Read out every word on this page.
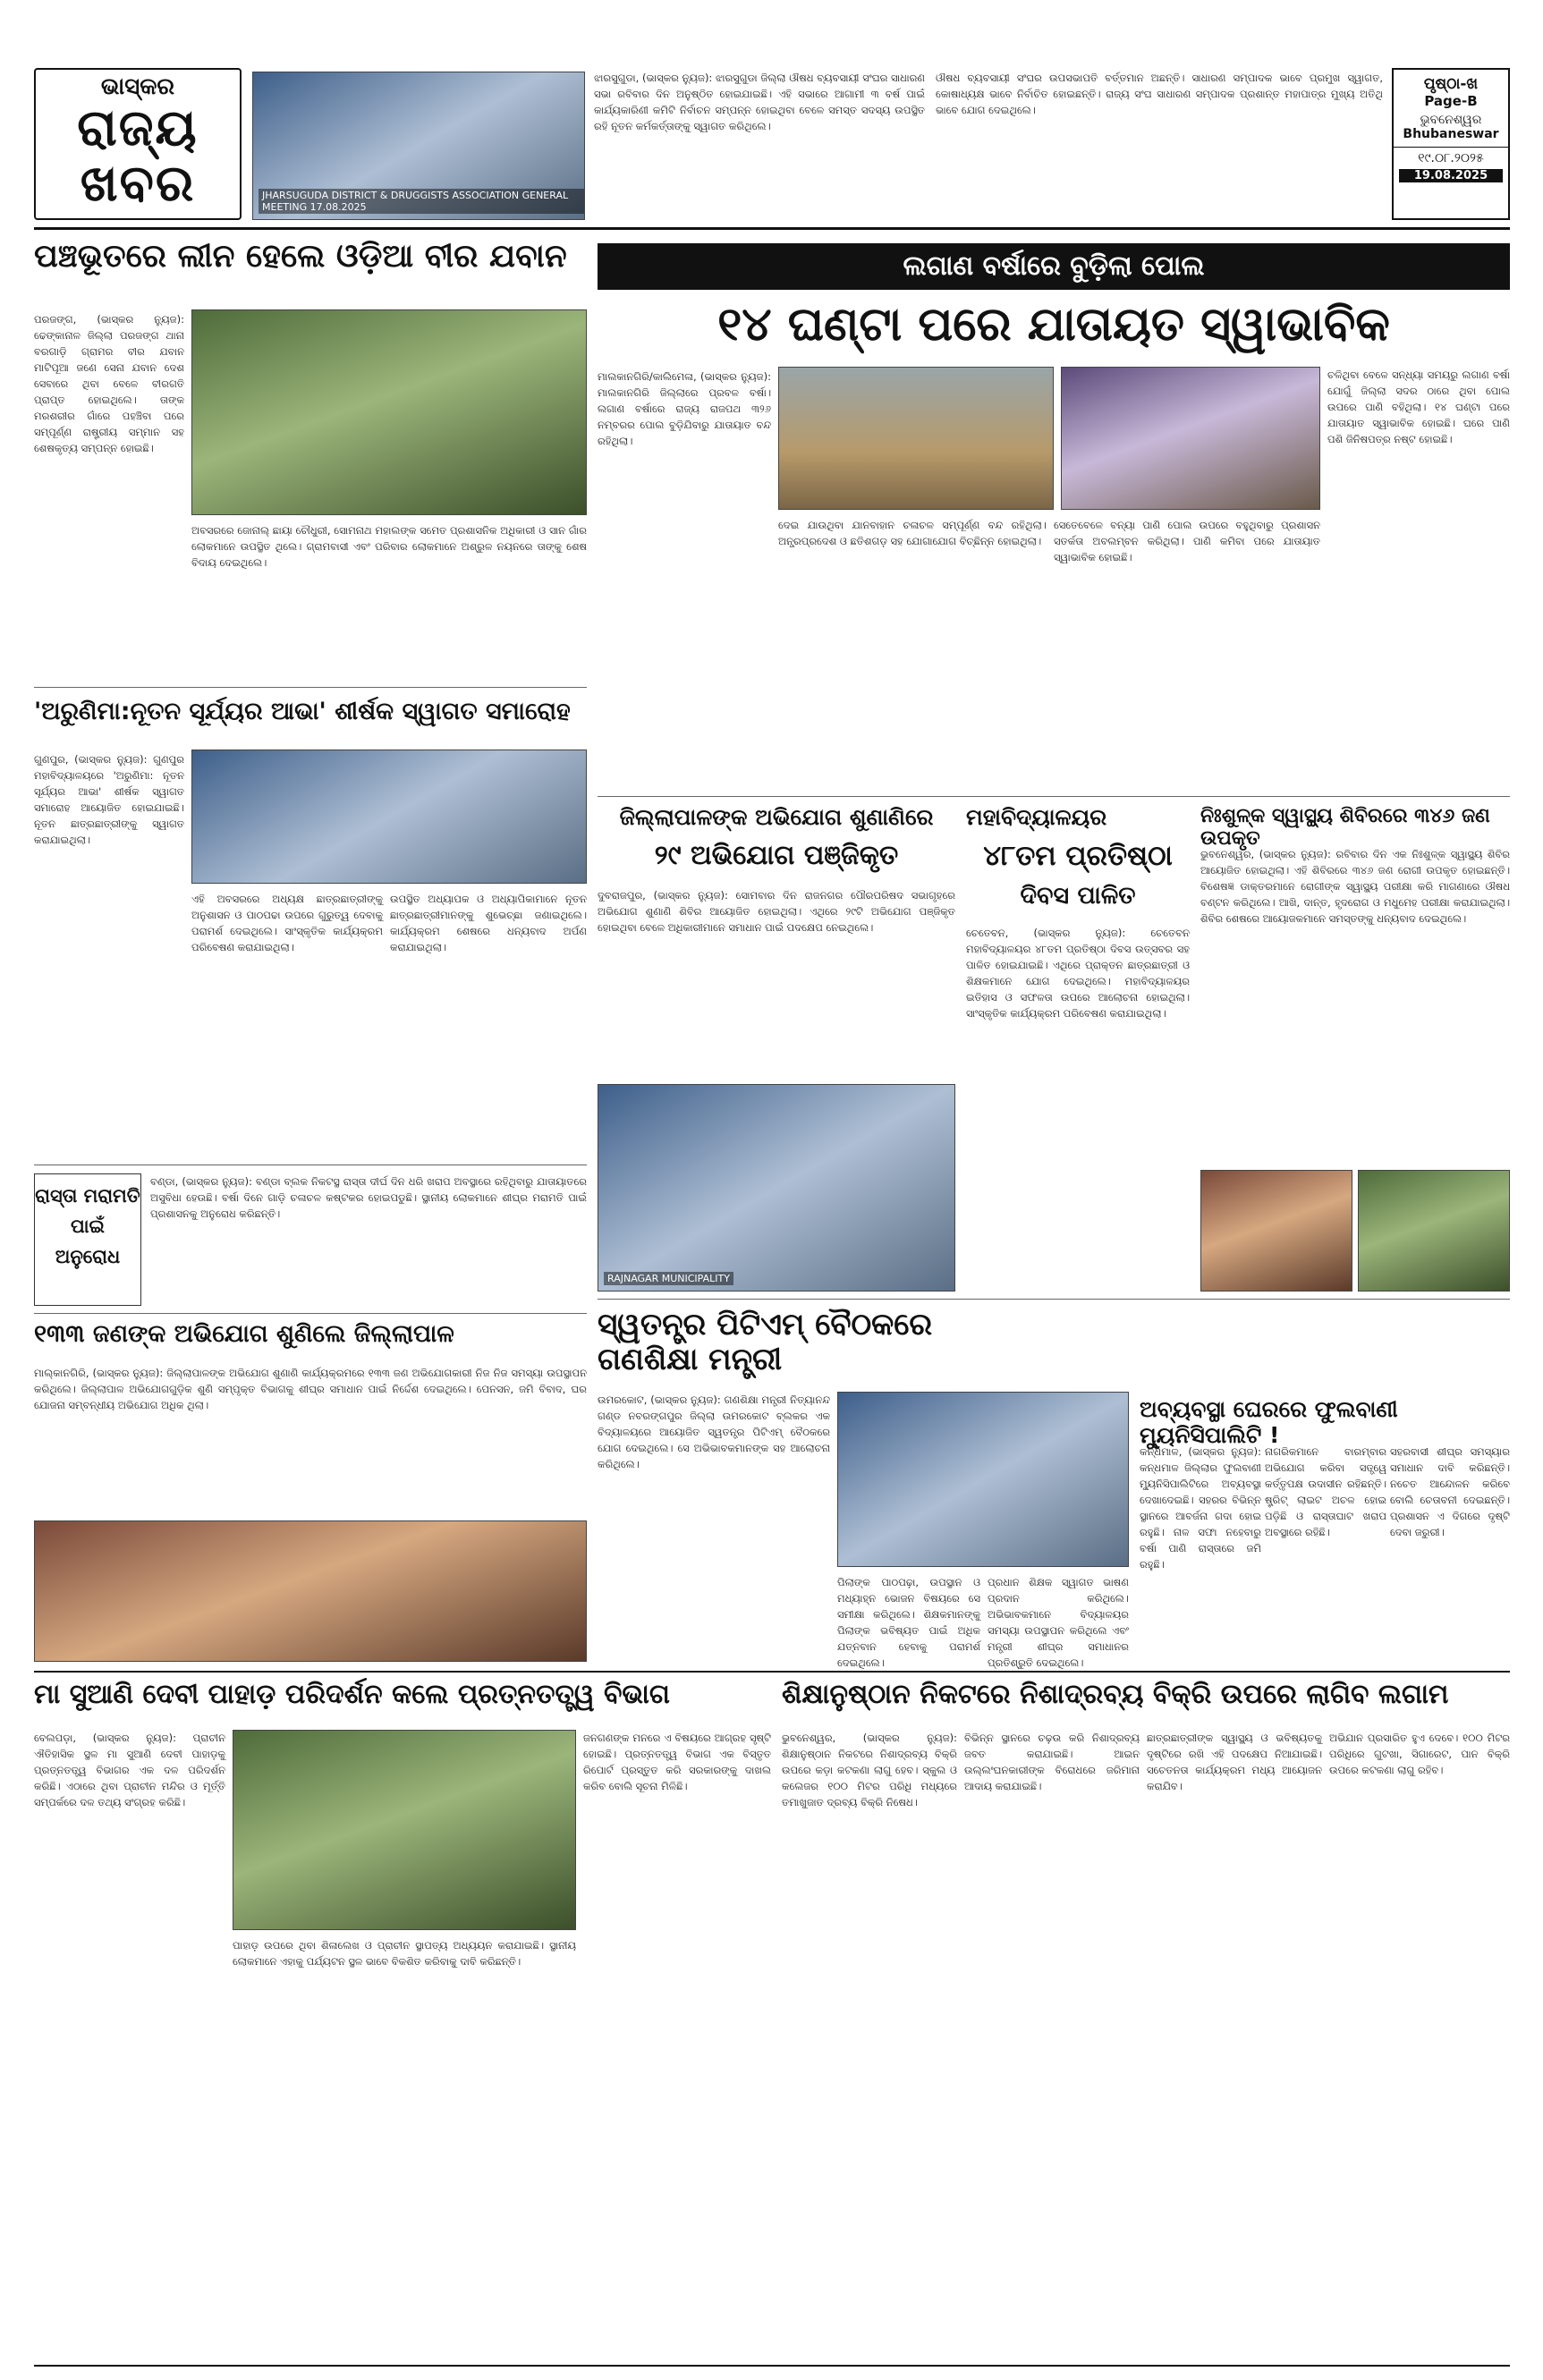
ଭାସ୍କର
ରାଜ୍ୟ
ଖବର	JHARSUGUDA DISTRICT & DRUGGISTS ASSOCIATION GENERAL MEETING 17.08.2025
ଝାରସୁଗୁଡା, (ଭାସ୍କର ନ୍ୟୁଜ): ଝାରସୁଗୁଡା ଜିଲ୍ଲା ଔଷଧ ବ୍ୟବସାୟୀ ସଂଘର ସାଧାରଣ ସଭା ରବିବାର ଦିନ ଅନୁଷ୍ଠିତ ହୋଇଯାଇଛି। ଏହି ସଭାରେ ଆଗାମୀ ୩ ବର୍ଷ ପାଇଁ କାର୍ଯ୍ୟକାରିଣୀ କମିଟି ନିର୍ବାଚନ ସମ୍ପନ୍ନ ହୋଇଥିବା ବେଳେ ସମସ୍ତ ସଦସ୍ୟ ଉପସ୍ଥିତ ରହି ନୂତନ କର୍ମକର୍ତ୍ତାଙ୍କୁ ସ୍ୱାଗତ କରିଥିଲେ।
ଔଷଧ ବ୍ୟବସାୟୀ ସଂଘର ଉପସଭାପତି ବର୍ତ୍ତମାନ ଅଛନ୍ତି। ସାଧାରଣ ସମ୍ପାଦକ ଭାବେ ପ୍ରମୁଖ ସ୍ୱାଗତ, କୋଷାଧ୍ୟକ୍ଷ ଭାବେ ନିର୍ବାଚିତ ହୋଇଛନ୍ତି। ରାଜ୍ୟ ସଂଘ ସାଧାରଣ ସମ୍ପାଦକ ପ୍ରଶାନ୍ତ ମହାପାତ୍ର ମୁଖ୍ୟ ଅତିଥି ଭାବେ ଯୋଗ ଦେଇଥିଲେ।
ପୃଷ୍ଠା-ଖ
Page-B
ଭୁବନେଶ୍ୱର
Bhubaneswar
୧୯.୦୮.୨୦୨୫
19.08.2025
ପଞ୍ଚଭୂତରେ ଲୀନ ହେଲେ ଓଡ଼ିଆ ବୀର ଯବାନ
ପରଜଙ୍ଗ, (ଭାସ୍କର ନ୍ୟୁଜ): ଢେଙ୍କାନାଳ ଜିଲ୍ଲା ପରଜଙ୍ଗ ଥାନା ବରଗାଡ଼ି ଗ୍ରାମର ବୀର ଯବାନ ମାଟିପୂଆ ଜଣେ ସେନା ଯବାନ ଦେଶ ସେବାରେ ଥିବା ବେଳେ ବୀରଗତି ପ୍ରାପ୍ତ ହୋଇଥିଲେ। ତାଙ୍କ ମରଶରୀର ଗାଁରେ ପହଞ୍ଚିବା ପରେ ସମ୍ପୂର୍ଣ୍ଣ ରାଷ୍ଟ୍ରୀୟ ସମ୍ମାନ ସହ ଶେଷକୃତ୍ୟ ସମ୍ପନ୍ନ ହୋଇଛି।
ଅବସରରେ ଜୋନାଲ୍ ଛାୟା ଚୌଧୁରୀ, ସୋମନାଥ ମହାଲଙ୍କ ସମେତ ପ୍ରଶାସନିକ ଅଧିକାରୀ ଓ ସାନ ଗାଁର ଲୋକମାନେ ଉପସ୍ଥିତ ଥିଲେ। ଗ୍ରାମବାସୀ ଏବଂ ପରିବାର ଲୋକମାନେ ଅଶ୍ରୁଳ ନୟନରେ ତାଙ୍କୁ ଶେଷ ବିଦାୟ ଦେଇଥିଲେ।
'ଅରୁଣିମା:ନୂତନ ସୂର୍ଯ୍ୟର ଆଭା' ଶୀର୍ଷକ ସ୍ୱାଗତ ସମାରୋହ
ଗୁଣପୁର, (ଭାସ୍କର ନ୍ୟୁଜ): ଗୁଣପୁର ମହାବିଦ୍ୟାଳୟରେ 'ଅରୁଣିମା: ନୂତନ ସୂର୍ଯ୍ୟର ଆଭା' ଶୀର୍ଷକ ସ୍ୱାଗତ ସମାରୋହ ଆୟୋଜିତ ହୋଇଯାଇଛି। ନୂତନ ଛାତ୍ରଛାତ୍ରୀଙ୍କୁ ସ୍ୱାଗତ କରାଯାଇଥିଲା।
ଏହି ଅବସରରେ ଅଧ୍ୟକ୍ଷ ଛାତ୍ରଛାତ୍ରୀଙ୍କୁ ଅନୁଶାସନ ଓ ପାଠପଢା ଉପରେ ଗୁରୁତ୍ୱ ଦେବାକୁ ପରାମର୍ଶ ଦେଇଥିଲେ। ସାଂସ୍କୃତିକ କାର୍ଯ୍ୟକ୍ରମ ପରିବେଷଣ କରାଯାଇଥିଲା।
ଉପସ୍ଥିତ ଅଧ୍ୟାପକ ଓ ଅଧ୍ୟାପିକାମାନେ ନୂତନ ଛାତ୍ରଛାତ୍ରୀମାନଙ୍କୁ ଶୁଭେଚ୍ଛା ଜଣାଇଥିଲେ। କାର୍ଯ୍ୟକ୍ରମ ଶେଷରେ ଧନ୍ୟବାଦ ଅର୍ପଣ କରାଯାଇଥିଲା।
ରାସ୍ତା ମରାମତି
ପାଇଁ
ଅନୁରୋଧ
ବଣ୍ଡା, (ଭାସ୍କର ନ୍ୟୁଜ): ବଣ୍ଡା ବ୍ଲକ ନିକଟସ୍ଥ ରାସ୍ତା ଦୀର୍ଘ ଦିନ ଧରି ଖରାପ ଅବସ୍ଥାରେ ରହିଥିବାରୁ ଯାତାୟାତରେ ଅସୁବିଧା ହେଉଛି। ବର୍ଷା ଦିନେ ଗାଡ଼ି ଚଳାଚଳ କଷ୍ଟକର ହୋଇପଡୁଛି। ସ୍ଥାନୀୟ ଲୋକମାନେ ଶୀଘ୍ର ମରାମତି ପାଇଁ ପ୍ରଶାସନକୁ ଅନୁରୋଧ କରିଛନ୍ତି।
୧୩୩ ଜଣଙ୍କ ଅଭିଯୋଗ ଶୁଣିଲେ ଜିଲ୍ଲାପାଳ
ମାଲ୍କାନଗିରି, (ଭାସ୍କର ନ୍ୟୁଜ): ଜିଲ୍ଲାପାଳଙ୍କ ଅଭିଯୋଗ ଶୁଣାଣି କାର୍ଯ୍ୟକ୍ରମରେ ୧୩୩ ଜଣ ଅଭିଯୋଗକାରୀ ନିଜ ନିଜ ସମସ୍ୟା ଉପସ୍ଥାପନ କରିଥିଲେ। ଜିଲ୍ଲାପାଳ ଅଭିଯୋଗଗୁଡ଼ିକ ଶୁଣି ସମ୍ପୃକ୍ତ ବିଭାଗକୁ ଶୀଘ୍ର ସମାଧାନ ପାଇଁ ନିର୍ଦ୍ଦେଶ ଦେଇଥିଲେ। ପେନସନ, ଜମି ବିବାଦ, ଘର ଯୋଜନା ସମ୍ବନ୍ଧୀୟ ଅଭିଯୋଗ ଅଧିକ ଥିଲା।
ଲଗାଣ ବର୍ଷାରେ ବୁଡ଼ିଲା ପୋଲ
୧୪ ଘଣ୍ଟା ପରେ ଯାତାୟତ ସ୍ୱାଭାବିକ
ମାଲକାନଗିରି/କାଲିମେଳା, (ଭାସ୍କର ନ୍ୟୁଜ): ମାଲକାନଗିରି ଜିଲ୍ଲାରେ ପ୍ରବଳ ବର୍ଷା। ଲଗାଣ ବର୍ଷାରେ ରାଜ୍ୟ ରାଜପଥ ୩୨୬ ନମ୍ବରର ପୋଲ ବୁଡ଼ିଯିବାରୁ ଯାତାୟାତ ବନ୍ଦ ରହିଥିଲା।
ଦେଇ ଯାଉଥିବା ଯାନବାହାନ ଚଳାଚଳ ସମ୍ପୂର୍ଣ୍ଣ ବନ୍ଦ ରହିଥିଲା। ଅନ୍ଧ୍ରପ୍ରଦେଶ ଓ ଛତିଶଗଡ଼ ସହ ଯୋଗାଯୋଗ ବିଚ୍ଛିନ୍ନ ହୋଇଥିଲା।
ସେତେବେଳେ ବନ୍ୟା ପାଣି ପୋଲ ଉପରେ ବହୁଥିବାରୁ ପ୍ରଶାସନ ସତର୍କତା ଅବଲମ୍ବନ କରିଥିଲା। ପାଣି କମିବା ପରେ ଯାତାୟାତ ସ୍ୱାଭାବିକ ହୋଇଛି।
ଚଳିଥିବା ବେଳେ ସନ୍ଧ୍ୟା ସମୟରୁ ଲଗାଣ ବର୍ଷା ଯୋଗୁଁ ଜିଲ୍ଲା ସଦର ଠାରେ ଥିବା ପୋଲ ଉପରେ ପାଣି ବହିଥିଲା। ୧୪ ଘଣ୍ଟା ପରେ ଯାତାୟାତ ସ୍ୱାଭାବିକ ହୋଇଛି। ଘରେ ପାଣି ପଶି ଜିନିଷପତ୍ର ନଷ୍ଟ ହୋଇଛି।
ଜିଲ୍ଲାପାଳଙ୍କ ଅଭିଯୋଗ ଶୁଣାଣିରେ
୨୯ ଅଭିଯୋଗ ପଞ୍ଜିକୃତ
ଦୁବରାଜପୁର, (ଭାସ୍କର ନ୍ୟୁଜ): ସୋମବାର ଦିନ ରାଜନଗର ପୌରପରିଷଦ ସଭାଗୃହରେ ଅଭିଯୋଗ ଶୁଣାଣି ଶିବିର ଆୟୋଜିତ ହୋଇଥିଲା। ଏଥିରେ ୨୯ଟି ଅଭିଯୋଗ ପଞ୍ଜିକୃତ ହୋଇଥିବା ବେଳେ ଅଧିକାରୀମାନେ ସମାଧାନ ପାଇଁ ପଦକ୍ଷେପ ନେଇଥିଲେ।
RAJNAGAR MUNICIPALITY
ମହାବିଦ୍ୟାଳୟର
୪୮ତମ ପ୍ରତିଷ୍ଠା
ଦିବସ ପାଳିତ
ଚେତେବନ, (ଭାସ୍କର ନ୍ୟୁଜ): ଚେତେବନ ମହାବିଦ୍ୟାଳୟର ୪୮ତମ ପ୍ରତିଷ୍ଠା ଦିବସ ଉତ୍ସବର ସହ ପାଳିତ ହୋଇଯାଇଛି। ଏଥିରେ ପ୍ରାକ୍ତନ ଛାତ୍ରଛାତ୍ରୀ ଓ ଶିକ୍ଷକମାନେ ଯୋଗ ଦେଇଥିଲେ। ମହାବିଦ୍ୟାଳୟର ଇତିହାସ ଓ ସଫଳତା ଉପରେ ଆଲୋଚନା ହୋଇଥିଲା। ସାଂସ୍କୃତିକ କାର୍ଯ୍ୟକ୍ରମ ପରିବେଷଣ କରାଯାଇଥିଲା।
ନିଃଶୁଳ୍କ ସ୍ୱାସ୍ଥ୍ୟ ଶିବିରରେ ୩୪୬ ଜଣ ଉପକୃତ
ଭୁବନେଶ୍ୱର, (ଭାସ୍କର ନ୍ୟୁଜ): ରବିବାର ଦିନ ଏକ ନିଃଶୁଳ୍କ ସ୍ୱାସ୍ଥ୍ୟ ଶିବିର ଆୟୋଜିତ ହୋଇଥିଲା। ଏହି ଶିବିରରେ ୩୪୬ ଜଣ ରୋଗୀ ଉପକୃତ ହୋଇଛନ୍ତି। ବିଶେଷଜ୍ଞ ଡାକ୍ତରମାନେ ରୋଗୀଙ୍କ ସ୍ୱାସ୍ଥ୍ୟ ପରୀକ୍ଷା କରି ମାଗଣାରେ ଔଷଧ ବଣ୍ଟନ କରିଥିଲେ। ଆଖି, ଦାନ୍ତ, ହୃଦରୋଗ ଓ ମଧୁମେହ ପରୀକ୍ଷା କରାଯାଇଥିଲା। ଶିବିର ଶେଷରେ ଆୟୋଜକମାନେ ସମସ୍ତଙ୍କୁ ଧନ୍ୟବାଦ ଦେଇଥିଲେ।
ସ୍ୱତନ୍ତ୍ର ପିଟିଏମ୍ ବୈଠକରେ ଗଣଶିକ୍ଷା ମନ୍ତ୍ରୀ
ଉମରକୋଟ, (ଭାସ୍କର ନ୍ୟୁଜ): ଗଣଶିକ୍ଷା ମନ୍ତ୍ରୀ ନିତ୍ୟାନନ୍ଦ ଗଣ୍ଡ ନବରଙ୍ଗପୁର ଜିଲ୍ଲା ଉମରକୋଟ ବ୍ଲକର ଏକ ବିଦ୍ୟାଳୟରେ ଆୟୋଜିତ ସ୍ୱତନ୍ତ୍ର ପିଟିଏମ୍ ବୈଠକରେ ଯୋଗ ଦେଇଥିଲେ। ସେ ଅଭିଭାବକମାନଙ୍କ ସହ ଆଲୋଚନା କରିଥିଲେ।
ପିଲାଙ୍କ ପାଠପଢ଼ା, ଉପସ୍ଥାନ ଓ ମଧ୍ୟାହ୍ନ ଭୋଜନ ବିଷୟରେ ସେ ସମୀକ୍ଷା କରିଥିଲେ। ଶିକ୍ଷକମାନଙ୍କୁ ପିଲାଙ୍କ ଭବିଷ୍ୟତ ପାଇଁ ଅଧିକ ଯତ୍ନବାନ ହେବାକୁ ପରାମର୍ଶ ଦେଇଥିଲେ।
ପ୍ରଧାନ ଶିକ୍ଷକ ସ୍ୱାଗତ ଭାଷଣ ପ୍ରଦାନ କରିଥିଲେ। ଅଭିଭାବକମାନେ ବିଦ୍ୟାଳୟର ସମସ୍ୟା ଉପସ୍ଥାପନ କରିଥିଲେ ଏବଂ ମନ୍ତ୍ରୀ ଶୀଘ୍ର ସମାଧାନର ପ୍ରତିଶ୍ରୁତି ଦେଇଥିଲେ।
ଅବ୍ୟବସ୍ଥା ଘେରରେ ଫୁଲବାଣୀ ମ୍ୟୁନିସିପାଲିଟି !
କନ୍ଧମାଳ, (ଭାସ୍କର ନ୍ୟୁଜ): କନ୍ଧମାଳ ଜିଲ୍ଲାର ଫୁଲବାଣୀ ମ୍ୟୁନିସିପାଲିଟିରେ ଅବ୍ୟବସ୍ଥା ଦେଖାଦେଇଛି। ସହରର ବିଭିନ୍ନ ସ୍ଥାନରେ ଆବର୍ଜନା ଗଦା ହୋଇ ରହୁଛି। ନାଳ ସଫା ନହେବାରୁ ବର୍ଷା ପାଣି ରାସ୍ତାରେ ଜମି ରହୁଛି।
ନାଗରିକମାନେ ବାରମ୍ବାର ଅଭିଯୋଗ କରିବା ସତ୍ତ୍ୱେ କର୍ତ୍ତୃପକ୍ଷ ଉଦାସୀନ ରହିଛନ୍ତି। ଷ୍ଟ୍ରିଟ୍ ଲାଇଟ ଅଚଳ ହୋଇ ପଡ଼ିଛି ଓ ରାସ୍ତାଘାଟ ଖରାପ ଅବସ୍ଥାରେ ରହିଛି।
ସହରବାସୀ ଶୀଘ୍ର ସମସ୍ୟାର ସମାଧାନ ଦାବି କରିଛନ୍ତି। ନଚେତ ଆନ୍ଦୋଳନ କରିବେ ବୋଲି ଚେତାବନୀ ଦେଇଛନ୍ତି। ପ୍ରଶାସନ ଏ ଦିଗରେ ଦୃଷ୍ଟି ଦେବା ଜରୁରୀ।
ମା ସୁଆଣି ଦେବୀ ପାହାଡ଼ ପରିଦର୍ଶନ କଲେ ପ୍ରତ୍ନତତ୍ତ୍ୱ ବିଭାଗ
ବେଲପଡ଼ା, (ଭାସ୍କର ନ୍ୟୁଜ): ପ୍ରାଚୀନ ଐତିହାସିକ ସ୍ଥଳ ମା ସୁଆଣି ଦେବୀ ପାହାଡ଼କୁ ପ୍ରତ୍ନତତ୍ତ୍ୱ ବିଭାଗର ଏକ ଦଳ ପରିଦର୍ଶନ କରିଛି। ଏଠାରେ ଥିବା ପ୍ରାଚୀନ ମନ୍ଦିର ଓ ମୂର୍ତ୍ତି ସମ୍ପର୍କରେ ଦଳ ତଥ୍ୟ ସଂଗ୍ରହ କରିଛି।
ପାହାଡ଼ ଉପରେ ଥିବା ଶିଳାଲେଖ ଓ ପ୍ରାଚୀନ ସ୍ଥାପତ୍ୟ ଅଧ୍ୟୟନ କରାଯାଇଛି। ସ୍ଥାନୀୟ ଲୋକମାନେ ଏହାକୁ ପର୍ଯ୍ୟଟନ ସ୍ଥଳ ଭାବେ ବିକଶିତ କରିବାକୁ ଦାବି କରିଛନ୍ତି।
ଜନଗଣଙ୍କ ମନରେ ଏ ବିଷୟରେ ଆଗ୍ରହ ସୃଷ୍ଟି ହୋଇଛି। ପ୍ରତ୍ନତତ୍ତ୍ୱ ବିଭାଗ ଏକ ବିସ୍ତୃତ ରିପୋର୍ଟ ପ୍ରସ୍ତୁତ କରି ସରକାରଙ୍କୁ ଦାଖଲ କରିବ ବୋଲି ସୂଚନା ମିଳିଛି।
ଶିକ୍ଷାନୁଷ୍ଠାନ ନିକଟରେ ନିଶାଦ୍ରବ୍ୟ ବିକ୍ରି ଉପରେ ଲାଗିବ ଲଗାମ
ଭୁବନେଶ୍ୱର, (ଭାସ୍କର ନ୍ୟୁଜ): ଶିକ୍ଷାନୁଷ୍ଠାନ ନିକଟରେ ନିଶାଦ୍ରବ୍ୟ ବିକ୍ରି ଉପରେ କଡ଼ା କଟକଣା ଲାଗୁ ହେବ। ସ୍କୁଲ ଓ କଲେଜର ୧୦୦ ମିଟର ପରିଧି ମଧ୍ୟରେ ତମାଖୁଜାତ ଦ୍ରବ୍ୟ ବିକ୍ରି ନିଷେଧ।
ବିଭିନ୍ନ ସ୍ଥାନରେ ଚଢ଼ଉ କରି ନିଶାଦ୍ରବ୍ୟ ଜବତ କରାଯାଇଛି। ଆଇନ ଉଲ୍ଲଂଘନକାରୀଙ୍କ ବିରୋଧରେ ଜରିମାନା ଆଦାୟ କରାଯାଇଛି।
ଛାତ୍ରଛାତ୍ରୀଙ୍କ ସ୍ୱାସ୍ଥ୍ୟ ଓ ଭବିଷ୍ୟତକୁ ଦୃଷ୍ଟିରେ ରଖି ଏହି ପଦକ୍ଷେପ ନିଆଯାଇଛି। ସଚେତନତା କାର୍ଯ୍ୟକ୍ରମ ମଧ୍ୟ ଆୟୋଜନ କରାଯିବ।
ଅଭିଯାନ ପ୍ରସାରିତ ହୁଏ ଦେବେ। ୧୦୦ ମିଟର ପରିଧିରେ ଗୁଟଖା, ସିଗାରେଟ, ପାନ ବିକ୍ରି ଉପରେ କଟକଣା ଲାଗୁ ରହିବ।
